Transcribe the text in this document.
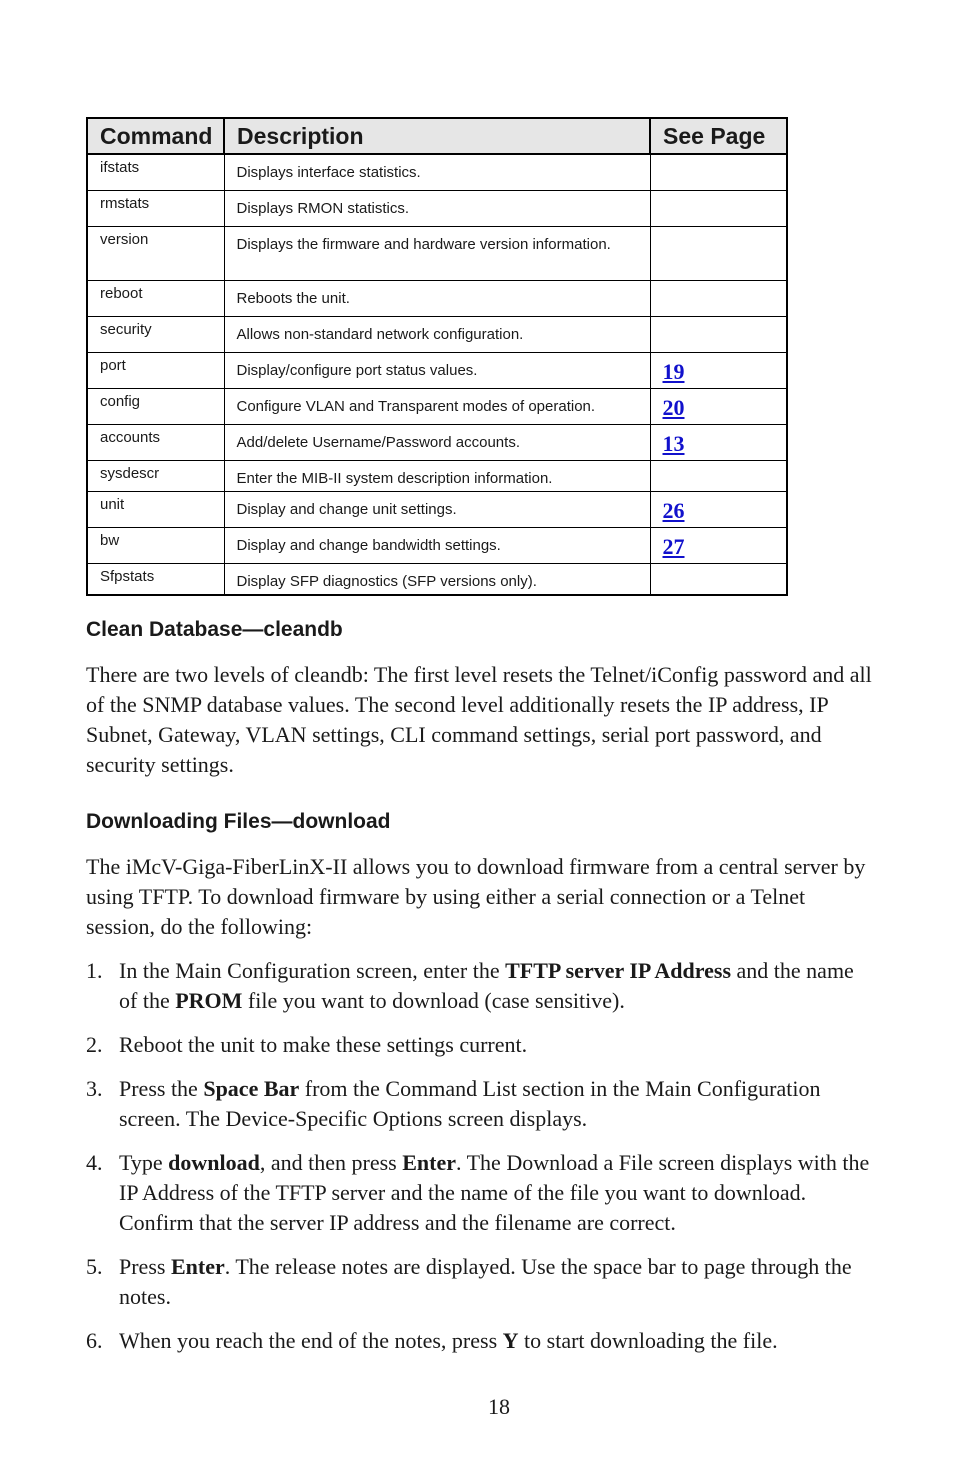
Command	Description	See Page

ifstats	Displays interface statistics.	

rmstats	Displays RMON statistics.	

version	Displays the firmware and hardware version information.	

reboot	Reboots the unit.	

security	Allows non-standard network configuration.	

port	Display/configure port status values.	19

config	Configure VLAN and Transparent modes of operation.	20

accounts	Add/delete Username/Password accounts.	13

sysdescr	Enter the MIB-II system description information.	

unit	Display and change unit settings.	26

bw	Display and change bandwidth settings.	27

Sfpstats	Display SFP diagnostics (SFP versions only).	

Clean Database—cleandb

There are two levels of cleandb: The first level resets the Telnet/iConfig password and all of the SNMP database values. The second level additionally resets the IP address, IP Subnet, Gateway, VLAN settings, CLI command settings, serial port password, and security settings.

Downloading Files—download

The iMcV-Giga-FiberLinX-II allows you to download firmware from a central server by using TFTP. To download firmware by using either a serial connection or a Telnet session, do the following:

1. In the Main Configuration screen, enter the TFTP server IP Address and the name of the PROM file you want to download (case sensitive).
2. Reboot the unit to make these settings current.
3. Press the Space Bar from the Command List section in the Main Configuration screen. The Device-Specific Options screen displays.
4. Type download, and then press Enter. The Download a File screen displays with the IP Address of the TFTP server and the name of the file you want to download. Confirm that the server IP address and the filename are correct.
5. Press Enter. The release notes are displayed. Use the space bar to page through the notes.
6. When you reach the end of the notes, press Y to start downloading the file.
18
